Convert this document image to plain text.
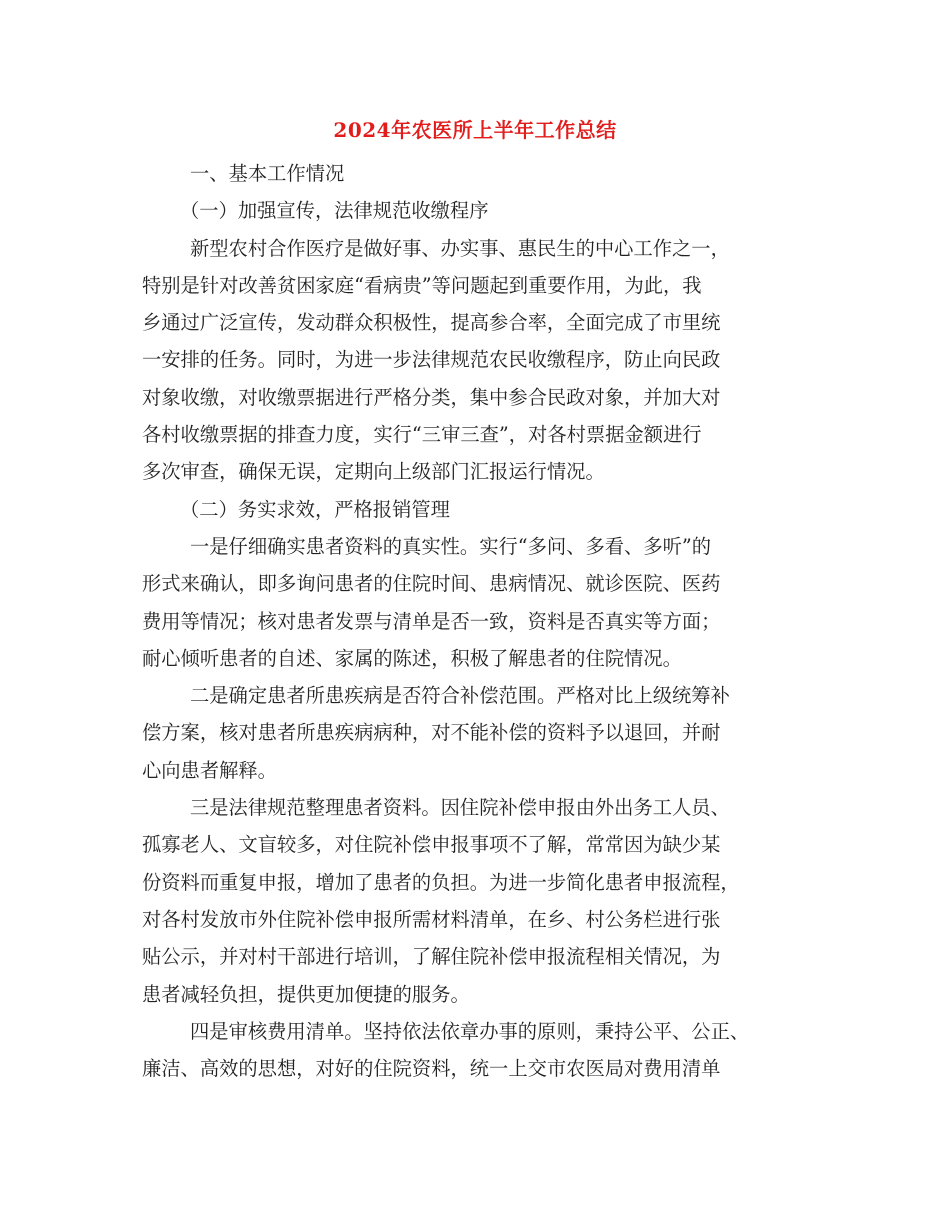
2024年农医所上半年工作总结
一、基本工作情况
（一）加强宣传，法律规范收缴程序
新型农村合作医疗是做好事、办实事、惠民生的中心工作之一，
特别是针对改善贫困家庭“看病贵”等问题起到重要作用，为此，我
乡通过广泛宣传，发动群众积极性，提高参合率，全面完成了市里统
一安排的任务。同时，为进一步法律规范农民收缴程序，防止向民政
对象收缴，对收缴票据进行严格分类，集中参合民政对象，并加大对
各村收缴票据的排查力度，实行“三审三查”，对各村票据金额进行
多次审查，确保无误，定期向上级部门汇报运行情况。
（二）务实求效，严格报销管理
一是仔细确实患者资料的真实性。实行“多问、多看、多听”的
形式来确认，即多询问患者的住院时间、患病情况、就诊医院、医药
费用等情况；核对患者发票与清单是否一致，资料是否真实等方面；
耐心倾听患者的自述、家属的陈述，积极了解患者的住院情况。
二是确定患者所患疾病是否符合补偿范围。严格对比上级统筹补
偿方案，核对患者所患疾病病种，对不能补偿的资料予以退回，并耐
心向患者解释。
三是法律规范整理患者资料。因住院补偿申报由外出务工人员、
孤寡老人、文盲较多，对住院补偿申报事项不了解，常常因为缺少某
份资料而重复申报，增加了患者的负担。为进一步简化患者申报流程，
对各村发放市外住院补偿申报所需材料清单，在乡、村公务栏进行张
贴公示，并对村干部进行培训，了解住院补偿申报流程相关情况，为
患者减轻负担，提供更加便捷的服务。
四是审核费用清单。坚持依法依章办事的原则，秉持公平、公正、
廉洁、高效的思想，对好的住院资料，统一上交市农医局对费用清单
